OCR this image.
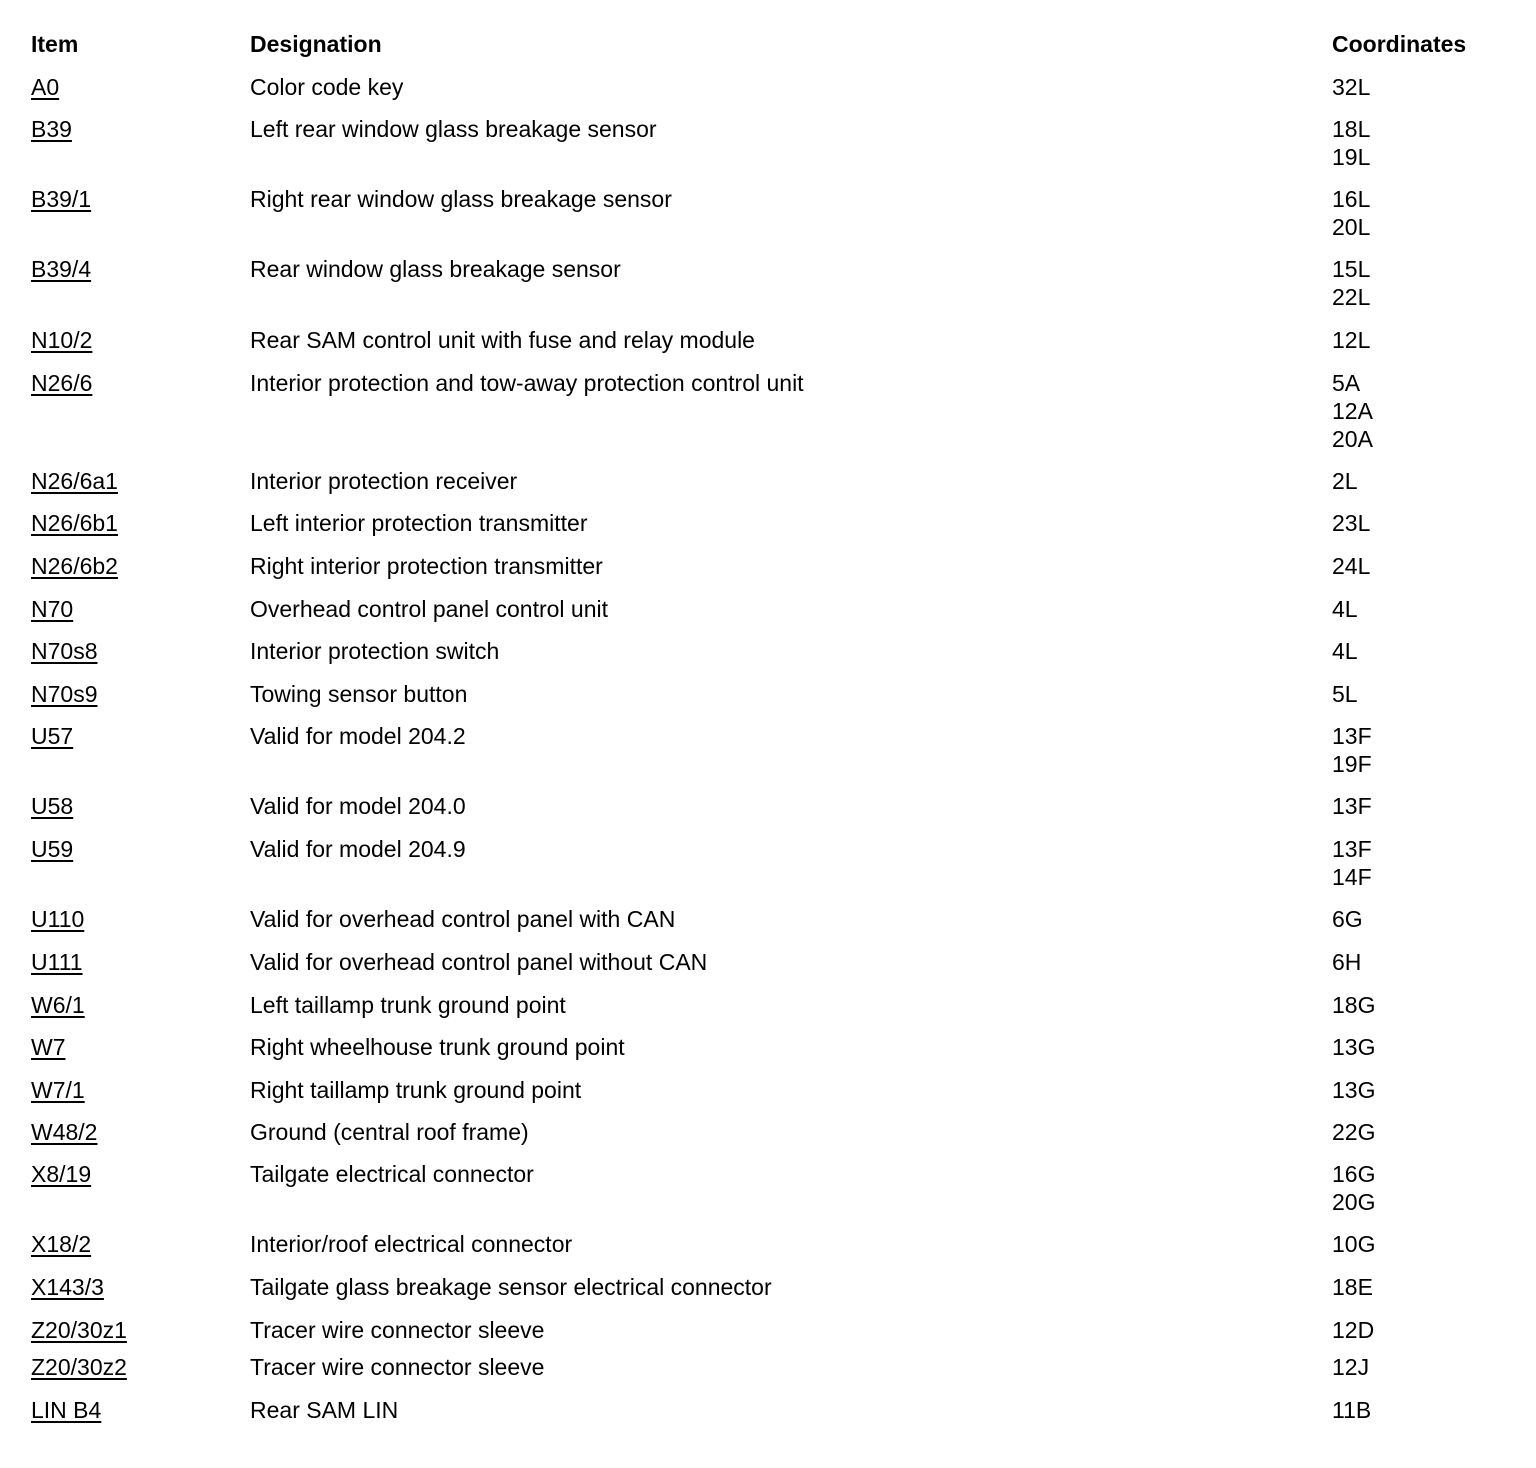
Item	Designation	Coordinates
A0	Color code key	32L
B39	Left rear window glass breakage sensor	18L
19L
B39/1	Right rear window glass breakage sensor	16L
20L
B39/4	Rear window glass breakage sensor	15L
22L
N10/2	Rear SAM control unit with fuse and relay module	12L
N26/6	Interior protection and tow-away protection control unit	5A
12A
20A
N26/6a1	Interior protection receiver	2L
N26/6b1	Left interior protection transmitter	23L
N26/6b2	Right interior protection transmitter	24L
N70	Overhead control panel control unit	4L
N70s8	Interior protection switch	4L
N70s9	Towing sensor button	5L
U57	Valid for model 204.2	13F
19F
U58	Valid for model 204.0	13F
U59	Valid for model 204.9	13F
14F
U110	Valid for overhead control panel with CAN	6G
U111	Valid for overhead control panel without CAN	6H
W6/1	Left taillamp trunk ground point	18G
W7	Right wheelhouse trunk ground point	13G
W7/1	Right taillamp trunk ground point	13G
W48/2	Ground (central roof frame)	22G
X8/19	Tailgate electrical connector	16G
20G
X18/2	Interior/roof electrical connector	10G
X143/3	Tailgate glass breakage sensor electrical connector	18E
Z20/30z1	Tracer wire connector sleeve	12D
Z20/30z2	Tracer wire connector sleeve	12J
LIN B4	Rear SAM LIN	11B
